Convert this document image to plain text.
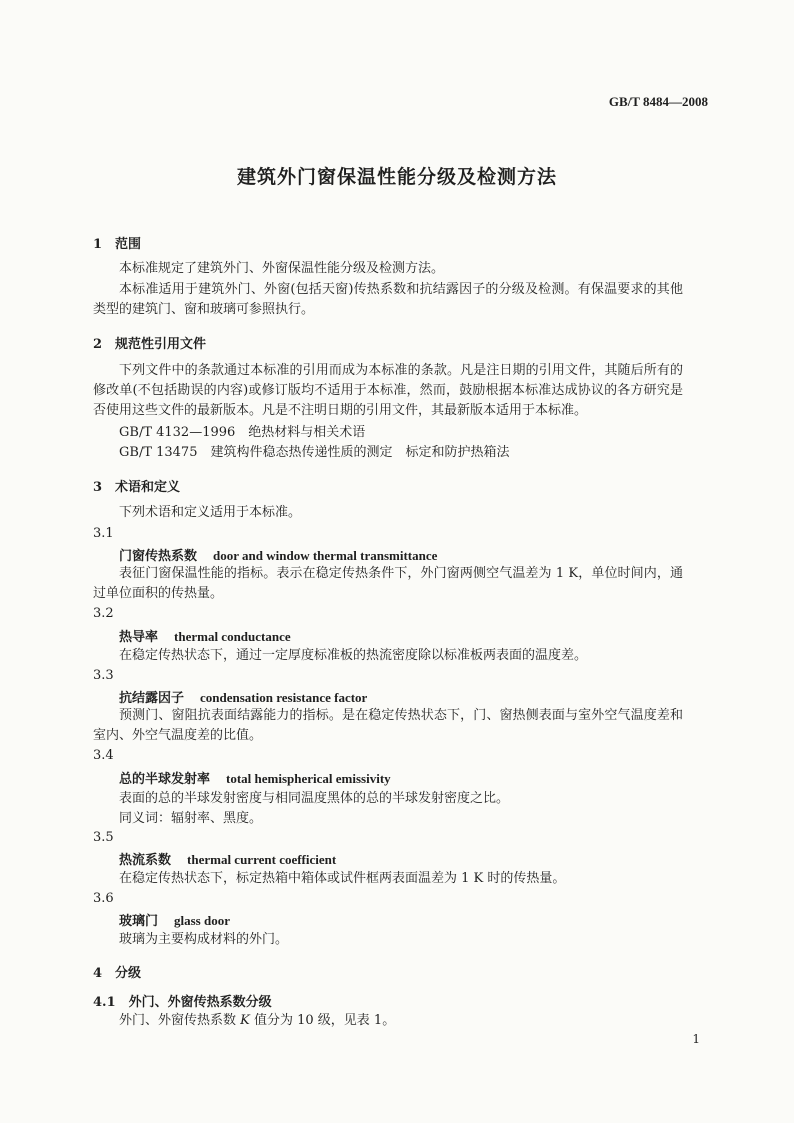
GB/T 8484—2008
建筑外门窗保温性能分级及检测方法
1　范围
本标准规定了建筑外门、外窗保温性能分级及检测方法。
本标准适用于建筑外门、外窗(包括天窗)传热系数和抗结露因子的分级及检测。有保温要求的其他类型的建筑门、窗和玻璃可参照执行。
2　规范性引用文件
下列文件中的条款通过本标准的引用而成为本标准的条款。凡是注日期的引用文件，其随后所有的修改单(不包括勘误的内容)或修订版均不适用于本标准，然而，鼓励根据本标准达成协议的各方研究是否使用这些文件的最新版本。凡是不注明日期的引用文件，其最新版本适用于本标准。
GB/T 4132—1996　绝热材料与相关术语
GB/T 13475　建筑构件稳态热传递性质的测定　标定和防护热箱法
3　术语和定义
下列术语和定义适用于本标准。
3.1
门窗传热系数 door and window thermal transmittance
表征门窗保温性能的指标。表示在稳定传热条件下，外门窗两侧空气温差为 1 K，单位时间内，通过单位面积的传热量。
3.2
热导率 thermal conductance
在稳定传热状态下，通过一定厚度标准板的热流密度除以标准板两表面的温度差。
3.3
抗结露因子 condensation resistance factor
预测门、窗阻抗表面结露能力的指标。是在稳定传热状态下，门、窗热侧表面与室外空气温度差和室内、外空气温度差的比值。
3.4
总的半球发射率 total hemispherical emissivity
表面的总的半球发射密度与相同温度黑体的总的半球发射密度之比。
同义词：辐射率、黑度。
3.5
热流系数 thermal current coefficient
在稳定传热状态下，标定热箱中箱体或试件框两表面温差为 1 K 时的传热量。
3.6
玻璃门 glass door
玻璃为主要构成材料的外门。
4　分级
4.1　外门、外窗传热系数分级
外门、外窗传热系数 K 值分为 10 级，见表 1。
1
